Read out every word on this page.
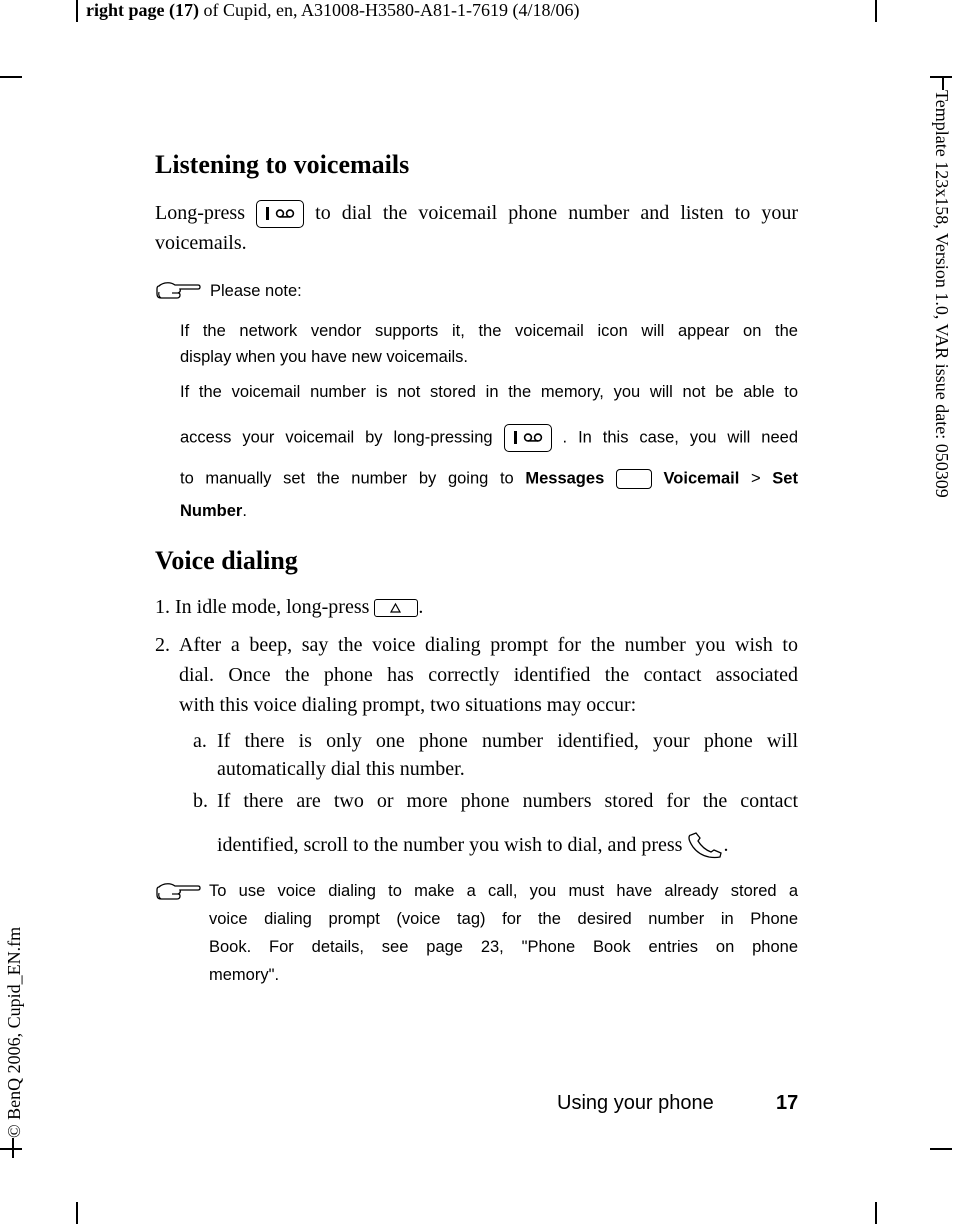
right page (17) of Cupid, en, A31008-H3580-A81-1-7619 (4/18/06)
Template 123x158, Version 1.0, VAR issue date: 050309
© BenQ 2006, Cupid_EN.fm
Listening to voicemails
Long-press	to dial the voicemail phone number and listen to your
voicemails.
Please note:
If the network vendor supports it, the voicemail icon will appear on the
display when you have new voicemails.
If the voicemail number is not stored in the memory, you will not be able to
access your voicemail by long-pressing	. In this case, you will need
to manually set the number by going to Messages	Voicemail > Set
Number.
Voice dialing
1. In idle mode, long-press .
2. After a beep, say the voice dialing prompt for the number you wish to
dial. Once the phone has correctly identified the contact associated
with this voice dialing prompt, two situations may occur:
a. If there is only one phone number identified, your phone will
automatically dial this number.
b. If there are two or more phone numbers stored for the contact
identified, scroll to the number you wish to dial, and press .
To use voice dialing to make a call, you must have already stored a
voice dialing prompt (voice tag) for the desired number in Phone
Book. For details, see page 23, "Phone Book entries on phone
memory".
Using your phone	17
